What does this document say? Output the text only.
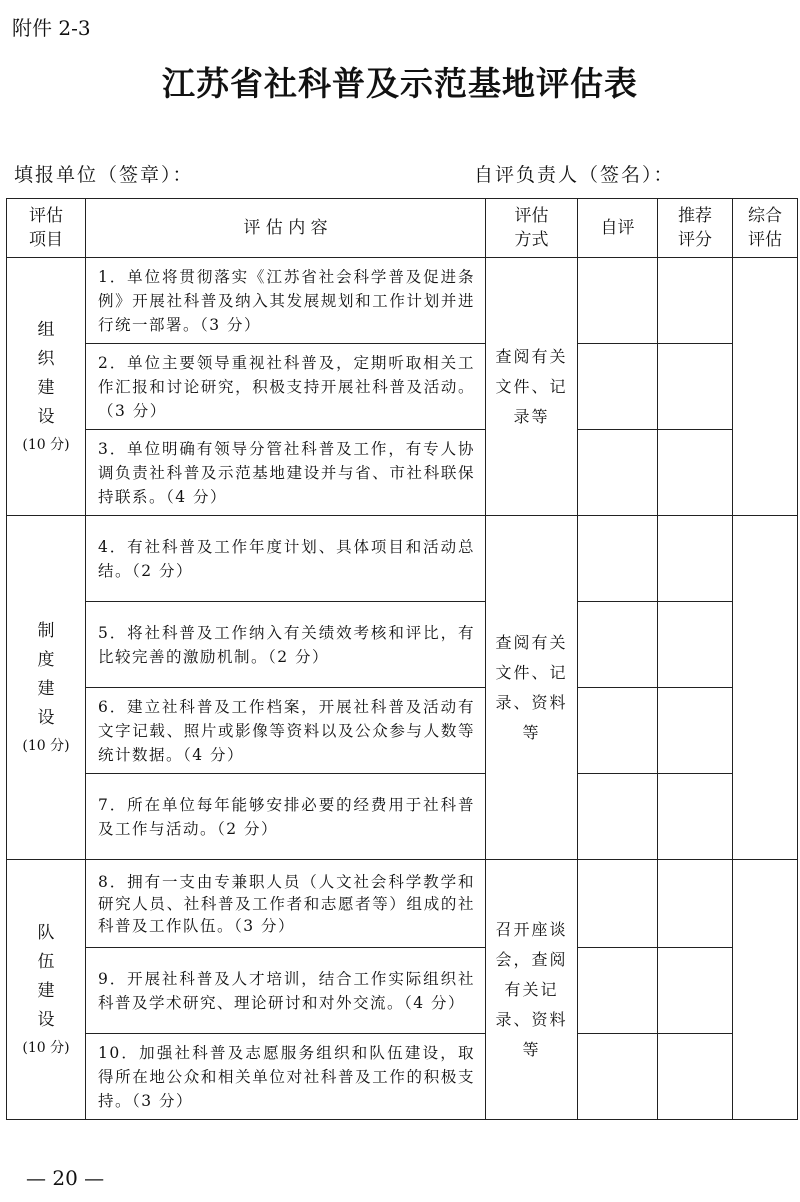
附件 2-3
江苏省社科普及示范基地评估表
填报单位（签章）：	自评负责人（签名）：
评估项目	评 估 内 容	评估方式	自评	推荐评分	综合评估

组织建设
(10 分)	1．单位将贯彻落实《江苏省社会科学普及促进条例》开展社科普及纳入其发展规划和工作计划并进行统一部署。（3 分）	查阅有关文件、记录等			
	2．单位主要领导重视社科普及，定期听取相关工作汇报和讨论研究，积极支持开展社科普及活动。（3 分）				
	3．单位明确有领导分管社科普及工作，有专人协调负责社科普及示范基地建设并与省、市社科联保持联系。（4 分）				

制度建设
(10 分)	4．有社科普及工作年度计划、具体项目和活动总结。（2 分）	查阅有关文件、记录、资料等			
	5．将社科普及工作纳入有关绩效考核和评比，有比较完善的激励机制。（2 分）				
	6．建立社科普及工作档案，开展社科普及活动有文字记载、照片或影像等资料以及公众参与人数等统计数据。（4 分）				
	7．所在单位每年能够安排必要的经费用于社科普及工作与活动。（2 分）				

队伍建设
(10 分)	8．拥有一支由专兼职人员（人文社会科学教学和研究人员、社科普及工作者和志愿者等）组成的社科普及工作队伍。（3 分）	召开座谈会，查阅有关记录、资料等			
	9．开展社科普及人才培训，结合工作实际组织社科普及学术研究、理论研讨和对外交流。（4 分）				
	10．加强社科普及志愿服务组织和队伍建设，取得所在地公众和相关单位对社科普及工作的积极支持。（3 分）				
— 20 —
